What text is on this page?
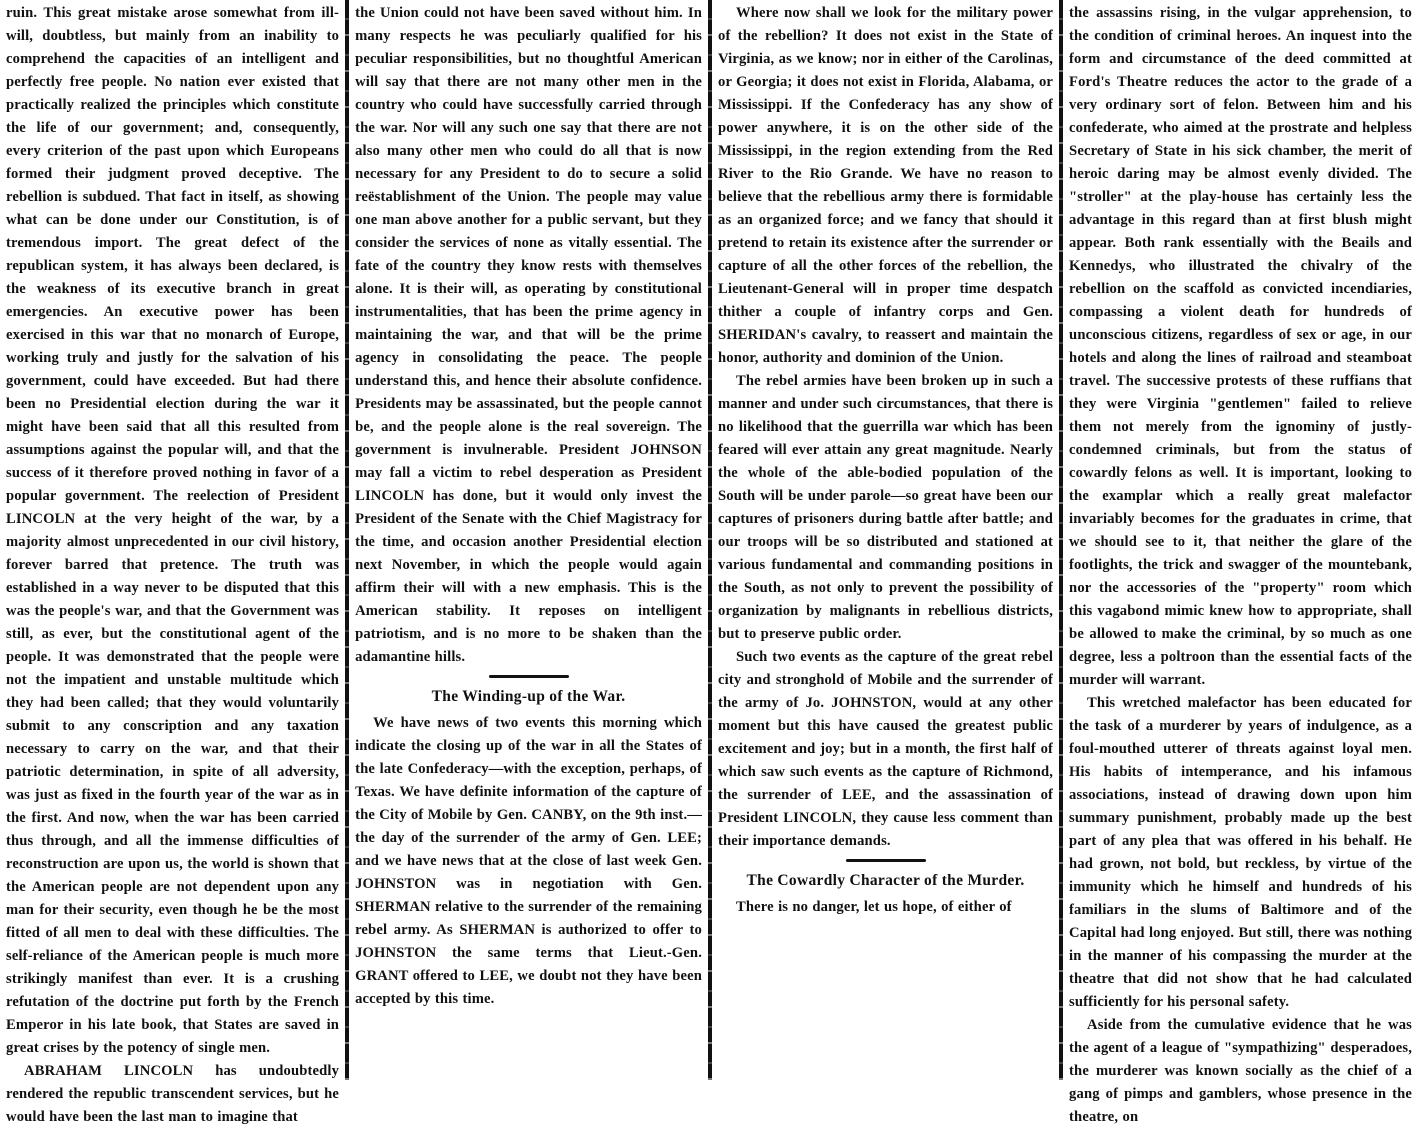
ruin. This great mistake arose somewhat from ill-will, doubtless, but mainly from an inability to comprehend the capacities of an intelligent and perfectly free people. No nation ever existed that practically realized the principles which constitute the life of our government; and, consequently, every criterion of the past upon which Europeans formed their judgment proved deceptive. The rebellion is subdued. That fact in itself, as showing what can be done under our Constitution, is of tremendous import. The great defect of the republican system, it has always been declared, is the weakness of its executive branch in great emergencies. An executive power has been exercised in this war that no monarch of Europe, working truly and justly for the salvation of his government, could have exceeded. But had there been no Presidential election during the war it might have been said that all this resulted from assumptions against the popular will, and that the success of it therefore proved nothing in favor of a popular government. The reelection of President LINCOLN at the very height of the war, by a majority almost unprecedented in our civil history, forever barred that pretence. The truth was established in a way never to be disputed that this was the people's war, and that the Government was still, as ever, but the constitutional agent of the people. It was demonstrated that the people were not the impatient and unstable multitude which they had been called; that they would voluntarily submit to any conscription and any taxation necessary to carry on the war, and that their patriotic determination, in spite of all adversity, was just as fixed in the fourth year of the war as in the first. And now, when the war has been carried thus through, and all the immense difficulties of reconstruction are upon us, the world is shown that the American people are not dependent upon any man for their security, even though he be the most fitted of all men to deal with these difficulties. The self-reliance of the American people is much more strikingly manifest than ever. It is a crushing refutation of the doctrine put forth by the French Emperor in his late book, that States are saved in great crises by the potency of single men.

ABRAHAM LINCOLN has undoubtedly rendered the republic transcendent services, but he would have been the last man to imagine that

the Union could not have been saved without him. In many respects he was peculiarly qualified for his peculiar responsibilities, but no thoughtful American will say that there are not many other men in the country who could have successfully carried through the war. Nor will any such one say that there are not also many other men who could do all that is now necessary for any President to do to secure a solid reëstablishment of the Union. The people may value one man above another for a public servant, but they consider the services of none as vitally essential. The fate of the country they know rests with themselves alone. It is their will, as operating by constitutional instrumentalities, that has been the prime agency in maintaining the war, and that will be the prime agency in consolidating the peace. The people understand this, and hence their absolute confidence. Presidents may be assassinated, but the people cannot be, and the people alone is the real sovereign. The government is invulnerable. President JOHNSON may fall a victim to rebel desperation as President LINCOLN has done, but it would only invest the President of the Senate with the Chief Magistracy for the time, and occasion another Presidential election next November, in which the people would again affirm their will with a new emphasis. This is the American stability. It reposes on intelligent patriotism, and is no more to be shaken than the adamantine hills.

The Winding-up of the War.

We have news of two events this morning which indicate the closing up of the war in all the States of the late Confederacy—with the exception, perhaps, of Texas. We have definite information of the capture of the City of Mobile by Gen. CANBY, on the 9th inst.—the day of the surrender of the army of Gen. LEE; and we have news that at the close of last week Gen. JOHNSTON was in negotiation with Gen. SHERMAN relative to the surrender of the remaining rebel army. As SHERMAN is authorized to offer to JOHNSTON the same terms that Lieut.-Gen. GRANT offered to LEE, we doubt not they have been accepted by this time.

Where now shall we look for the military power of the rebellion? It does not exist in the State of Virginia, as we know; nor in either of the Carolinas, or Georgia; it does not exist in Florida, Alabama, or Mississippi. If the Confederacy has any show of power anywhere, it is on the other side of the Mississippi, in the region extending from the Red River to the Rio Grande. We have no reason to believe that the rebellious army there is formidable as an organized force; and we fancy that should it pretend to retain its existence after the surrender or capture of all the other forces of the rebellion, the Lieutenant-General will in proper time despatch thither a couple of infantry corps and Gen. SHERIDAN's cavalry, to reassert and maintain the honor, authority and dominion of the Union.

The rebel armies have been broken up in such a manner and under such circumstances, that there is no likelihood that the guerrilla war which has been feared will ever attain any great magnitude. Nearly the whole of the able-bodied population of the South will be under parole—so great have been our captures of prisoners during battle after battle; and our troops will be so distributed and stationed at various fundamental and commanding positions in the South, as not only to prevent the possibility of organization by malignants in rebellious districts, but to preserve public order.

Such two events as the capture of the great rebel city and stronghold of Mobile and the surrender of the army of Jo. JOHNSTON, would at any other moment but this have caused the greatest public excitement and joy; but in a month, the first half of which saw such events as the capture of Richmond, the surrender of LEE, and the assassination of President LINCOLN, they cause less comment than their importance demands.

The Cowardly Character of the Murder.

There is no danger, let us hope, of either of

the assassins rising, in the vulgar apprehension, to the condition of criminal heroes. An inquest into the form and circumstance of the deed committed at Ford's Theatre reduces the actor to the grade of a very ordinary sort of felon. Between him and his confederate, who aimed at the prostrate and helpless Secretary of State in his sick chamber, the merit of heroic daring may be almost evenly divided. The "stroller" at the play-house has certainly less the advantage in this regard than at first blush might appear. Both rank essentially with the Beails and Kennedys, who illustrated the chivalry of the rebellion on the scaffold as convicted incendiaries, compassing a violent death for hundreds of unconscious citizens, regardless of sex or age, in our hotels and along the lines of railroad and steamboat travel. The successive protests of these ruffians that they were Virginia "gentlemen" failed to relieve them not merely from the ignominy of justly-condemned criminals, but from the status of cowardly felons as well. It is important, looking to the examplar which a really great malefactor invariably becomes for the graduates in crime, that we should see to it, that neither the glare of the footlights, the trick and swagger of the mountebank, nor the accessories of the "property" room which this vagabond mimic knew how to appropriate, shall be allowed to make the criminal, by so much as one degree, less a poltroon than the essential facts of the murder will warrant.

This wretched malefactor has been educated for the task of a murderer by years of indulgence, as a foul-mouthed utterer of threats against loyal men. His habits of intemperance, and his infamous associations, instead of drawing down upon him summary punishment, probably made up the best part of any plea that was offered in his behalf. He had grown, not bold, but reckless, by virtue of the immunity which he himself and hundreds of his familiars in the slums of Baltimore and of the Capital had long enjoyed. But still, there was nothing in the manner of his compassing the murder at the theatre that did not show that he had calculated sufficiently for his personal safety.

Aside from the cumulative evidence that he was the agent of a league of "sympathizing" desperadoes, the murderer was known socially as the chief of a gang of pimps and gamblers, whose presence in the theatre, on
